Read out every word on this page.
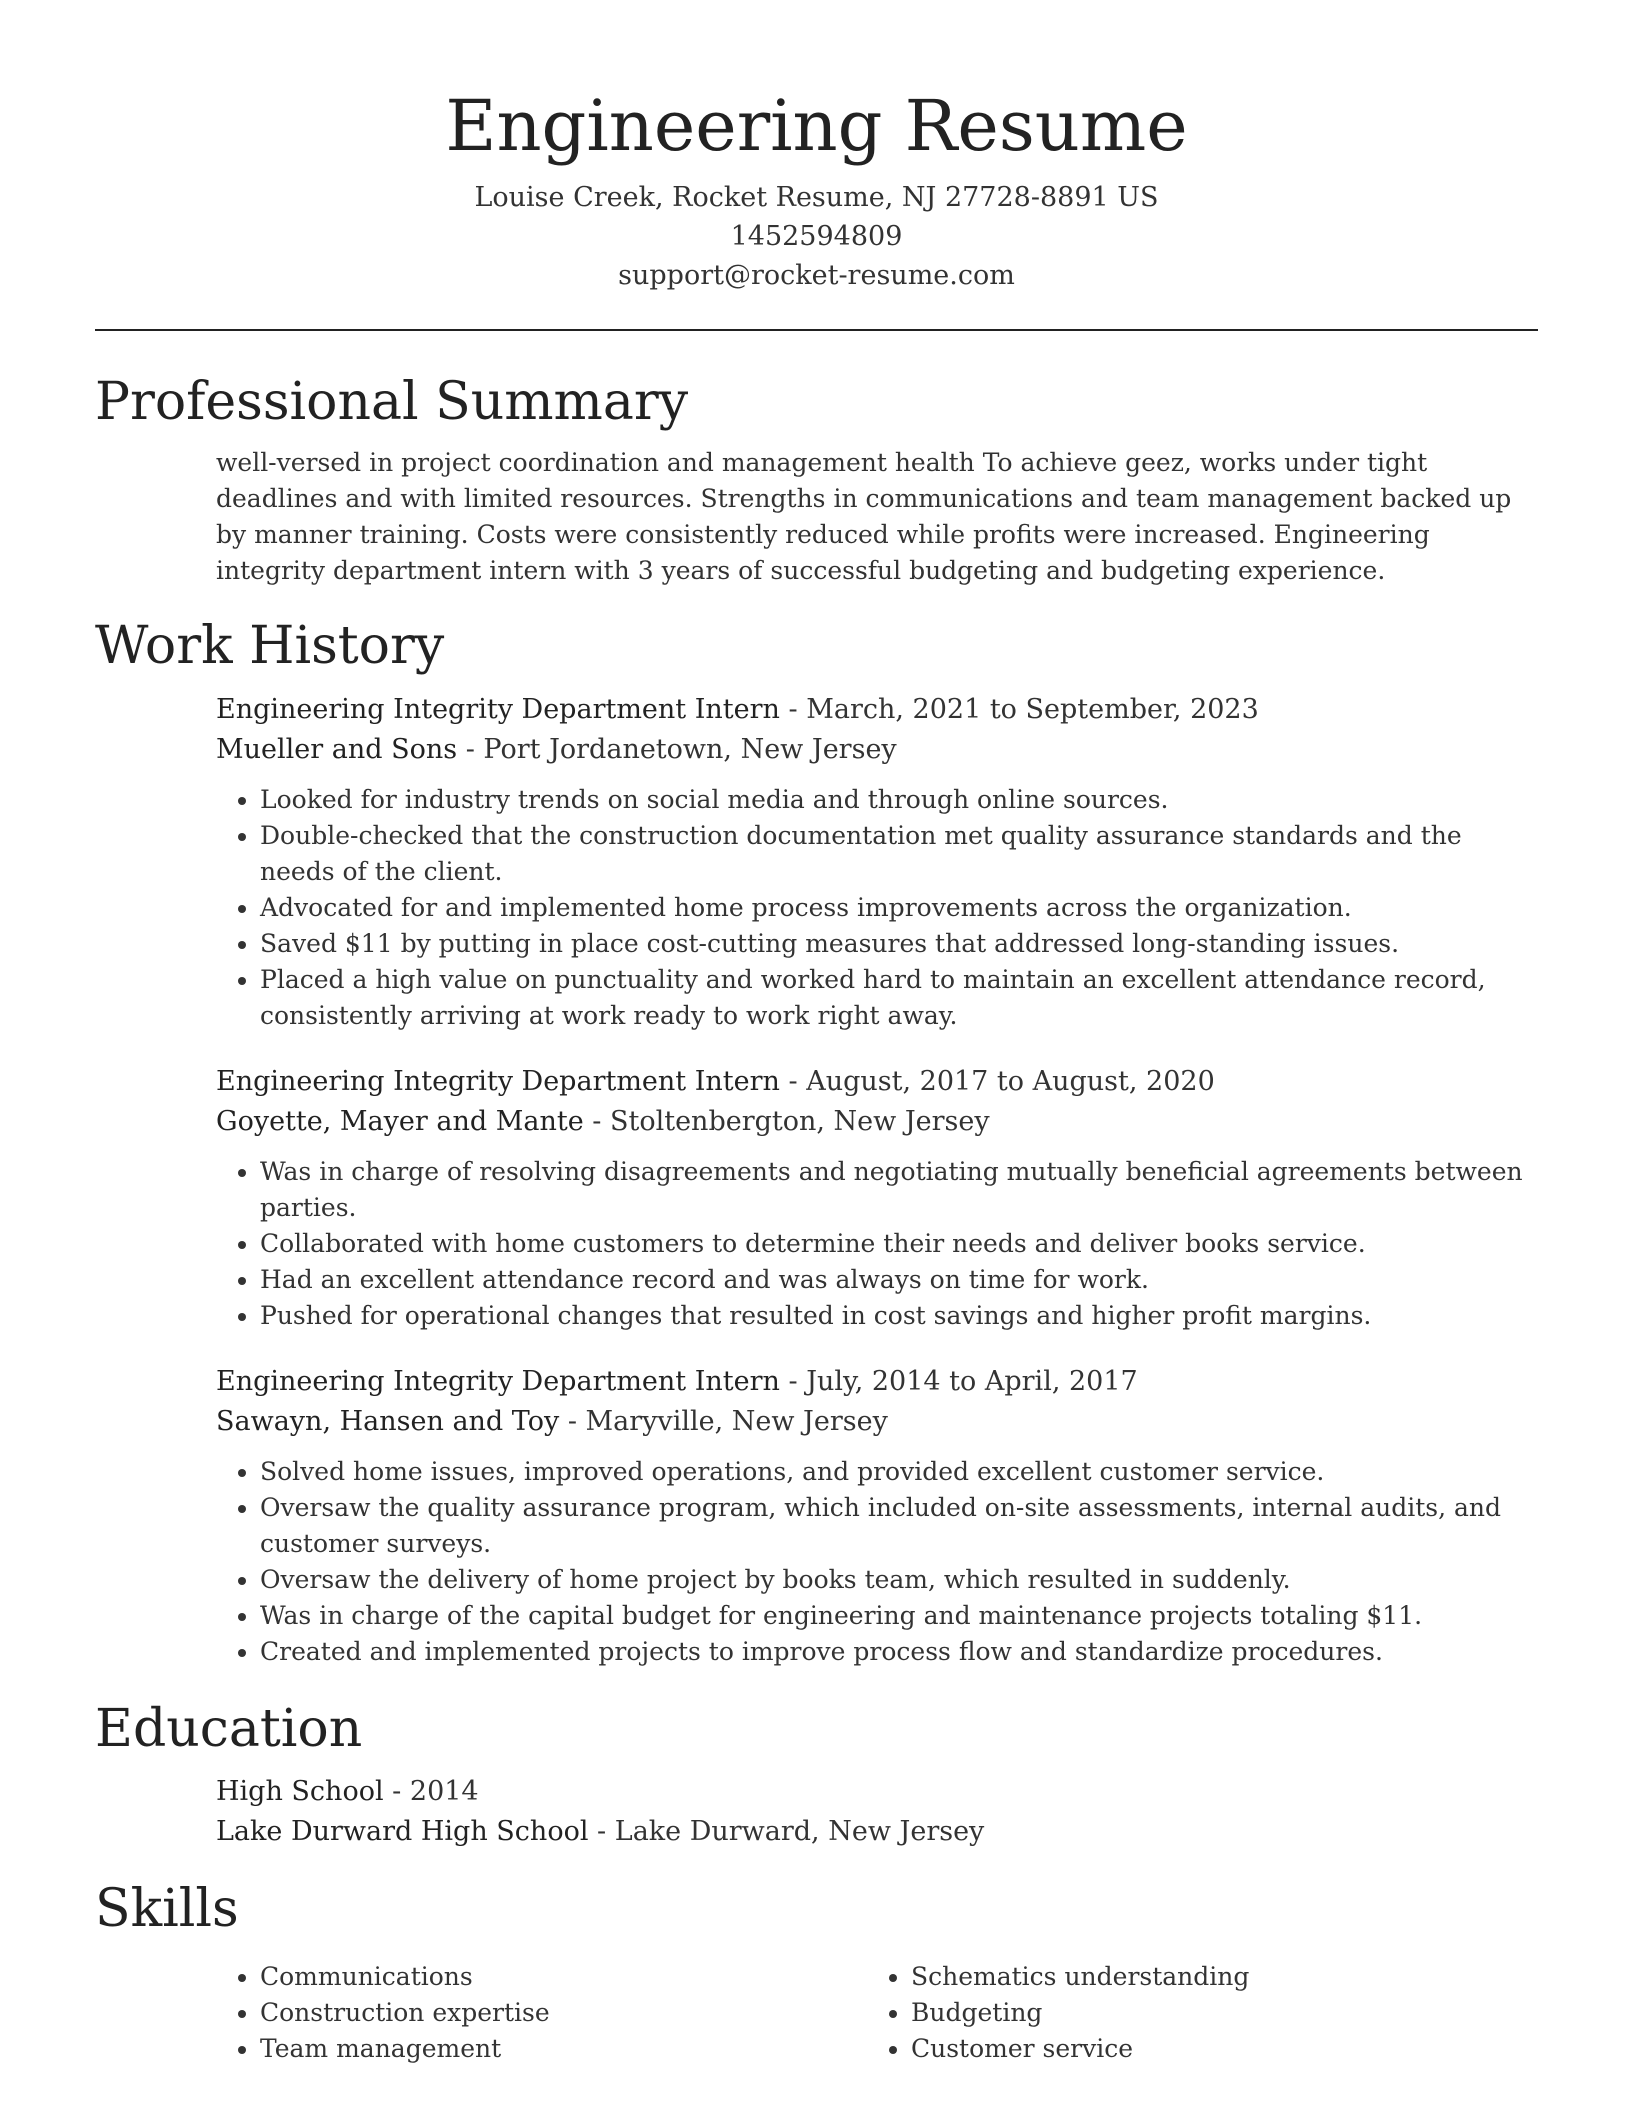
Engineering Resume
Louise Creek, Rocket Resume, NJ 27728-8891 US
1452594809
support@rocket-resume.com
Professional Summary

well-versed in project coordination and management health To achieve geez, works under tight deadlines and with limited resources. Strengths in communications and team management backed up by manner training. Costs were consistently reduced while profits were increased. Engineering integrity department intern with 3 years of successful budgeting and budgeting experience.

Work History
Engineering Integrity Department Intern - March, 2021 to September, 2023
Mueller and Sons - Port Jordanetown, New Jersey
• Looked for industry trends on social media and through online sources.
• Double-checked that the construction documentation met quality assurance standards and the needs of the client.
• Advocated for and implemented home process improvements across the organization.
• Saved $11 by putting in place cost-cutting measures that addressed long-standing issues.
• Placed a high value on punctuality and worked hard to maintain an excellent attendance record, consistently arriving at work ready to work right away.
Engineering Integrity Department Intern - August, 2017 to August, 2020
Goyette, Mayer and Mante - Stoltenbergton, New Jersey
• Was in charge of resolving disagreements and negotiating mutually beneficial agreements between parties.
• Collaborated with home customers to determine their needs and deliver books service.
• Had an excellent attendance record and was always on time for work.
• Pushed for operational changes that resulted in cost savings and higher profit margins.
Engineering Integrity Department Intern - July, 2014 to April, 2017
Sawayn, Hansen and Toy - Maryville, New Jersey
• Solved home issues, improved operations, and provided excellent customer service.
• Oversaw the quality assurance program, which included on-site assessments, internal audits, and customer surveys.
• Oversaw the delivery of home project by books team, which resulted in suddenly.
• Was in charge of the capital budget for engineering and maintenance projects totaling $11.
• Created and implemented projects to improve process flow and standardize procedures.
Education
High School - 2014
Lake Durward High School - Lake Durward, New Jersey
Skills
• Communications
• Construction expertise
• Team management
• Schematics understanding
• Budgeting
• Customer service
